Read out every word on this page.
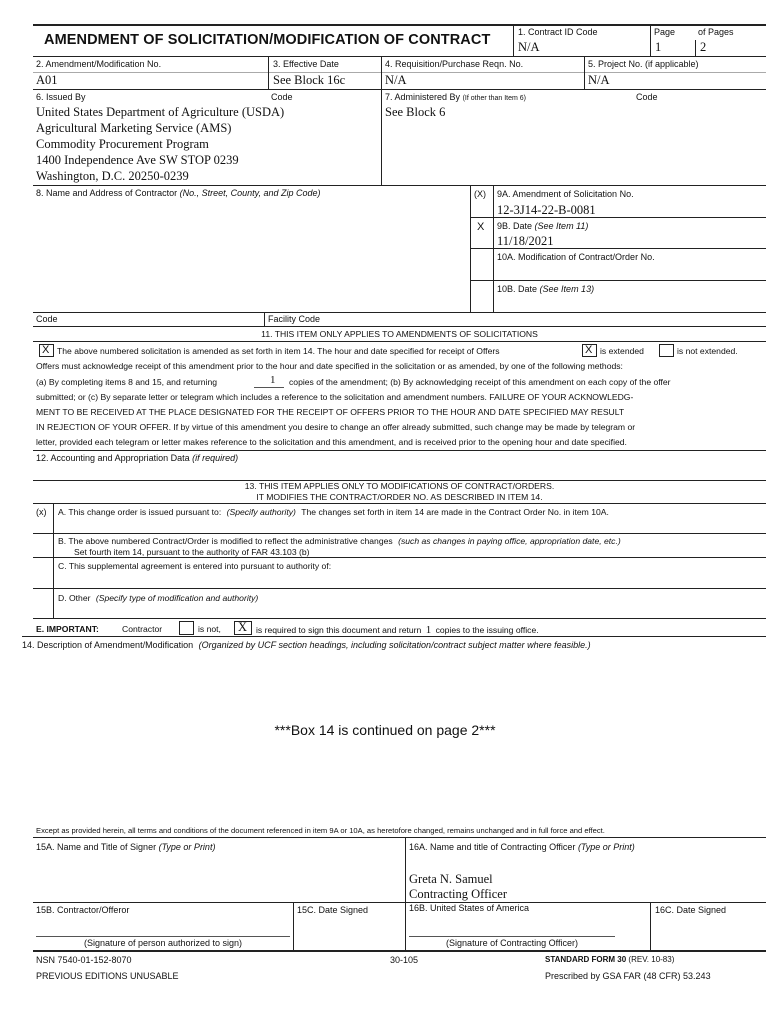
AMENDMENT OF SOLICITATION/MODIFICATION OF CONTRACT	1. Contract ID Code
N/A
Page
1
of Pages
2
2. Amendment/Modification No.
A01
3. Effective Date
See Block 16c
4. Requisition/Purchase Reqn. No.
N/A
5. Project No. (if applicable)
N/A
6. Issued By	Code
United States Department of Agriculture (USDA)
Agricultural Marketing Service (AMS)
Commodity Procurement Program
1400 Independence Ave SW STOP 0239
Washington, D.C. 20250-0239
7. Administered By (If other than Item 6)	Code
See Block 6
8. Name and Address of Contractor (No., Street, County, and Zip Code)
Code	Facility Code
(X) 9A. Amendment of Solicitation No.
12-3J14-22-B-0081
X 9B. Date (See Item 11)
11/18/2021
10A. Modification of Contract/Order No.
10B. Date (See Item 13)
11. THIS ITEM ONLY APPLIES TO AMENDMENTS OF SOLICITATIONS
X The above numbered solicitation is amended as set forth in item 14. The hour and date specified for receipt of Offers	X is extended	is not extended.
Offers must acknowledge receipt of this amendment prior to the hour and date specified in the solicitation or as amended, by one of the following methods:
(a) By completing items 8 and 15, and returning	1 copies of the amendment; (b) By acknowledging receipt of this amendment on each copy of the offer
submitted; or (c) By separate letter or telegram which includes a reference to the solicitation and amendment numbers. FAILURE OF YOUR ACKNOWLEDG-
MENT TO BE RECEIVED AT THE PLACE DESIGNATED FOR THE RECEIPT OF OFFERS PRIOR TO THE HOUR AND DATE SPECIFIED MAY RESULT
IN REJECTION OF YOUR OFFER. If by virtue of this amendment you desire to change an offer already submitted, such change may be made by telegram or
letter, provided each telegram or letter makes reference to the solicitation and this amendment, and is received prior to the opening hour and date specified.
12. Accounting and Appropriation Data (if required)
13. THIS ITEM APPLIES ONLY TO MODIFICATIONS OF CONTRACT/ORDERS.
IT MODIFIES THE CONTRACT/ORDER NO. AS DESCRIBED IN ITEM 14.
(x) A. This change order is issued pursuant to: (Specify authority) The changes set forth in item 14 are made in the Contract Order No. in item 10A.
B. The above numbered Contract/Order is modified to reflect the administrative changes (such as changes in paying office, appropriation date, etc.)
Set fourth item 14, pursuant to the authority of FAR 43.103 (b)
C. This supplemental agreement is entered into pursuant to authority of:
D. Other (Specify type of modification and authority)
E. IMPORTANT:	Contractor	is not, X is required to sign this document and return 1 copies to the issuing office.
14. Description of Amendment/Modification (Organized by UCF section headings, including solicitation/contract subject matter where feasible.)
***Box 14 is continued on page 2***
Except as provided herein, all terms and conditions of the document referenced in item 9A or 10A, as heretofore changed, remains unchanged and in full force and effect.
15A. Name and Title of Signer (Type or Print)	16A. Name and title of Contracting Officer (Type or Print)
Greta N. Samuel
Contracting Officer
15B. Contractor/Offeror	15C. Date Signed	16B. United States of America	16C. Date Signed
(Signature of person authorized to sign)	(Signature of Contracting Officer)
NSN 7540-01-152-8070
PREVIOUS EDITIONS UNUSABLE
30-105	STANDARD FORM 30 (REV. 10-83)
Prescribed by GSA FAR (48 CFR) 53.243
